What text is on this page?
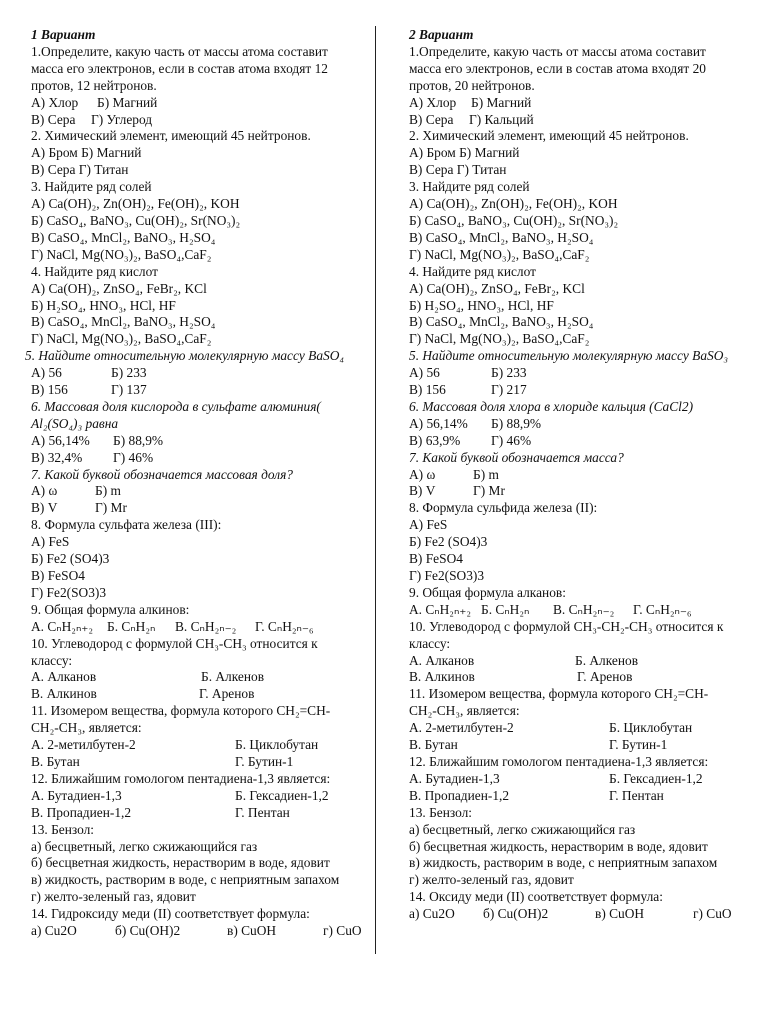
1 Вариант
1.Определите, какую часть от массы атома составит
масса его электронов, если в состав атома входят 12
протов, 12 нейтронов.
А) Хлор	Б) Магний
В) Сера	Г) Углерод
2. Химический элемент, имеющий 45 нейтронов.
А) Бром Б) Магний
В) Сера Г) Титан
3. Найдите ряд солей
А) Ca(OH)₂, Zn(OH)₂, Fe(OH)₂, KOH
Б) CaSO₄, BaNO₃, Cu(OH)₂, Sr(NO₃)₂
В) CaSO₄, MnCl₂, BaNO₃, H₂SO₄
Г) NaCl, Mg(NO₃)₂, BaSO₄,CaF₂
4. Найдите ряд кислот
А) Ca(OH)₂, ZnSO₄, FeBr₂, KCl
Б) H₂SO₄, HNO₃, HCl, HF
В) CaSO₄, MnCl₂, BaNO₃, H₂SO₄
Г) NaCl, Mg(NO₃)₂, BaSO₄,CaF₂
5. Найдите относительную молекулярную массу BaSO₄
А) 56	Б) 233
В) 156	Г) 137
6. Массовая доля кислорода в сульфате алюминия(
Al₂(SO₄)₃ равна
А) 56,14%	Б) 88,9%
В) 32,4%	Г) 46%
7. Какой буквой обозначается массовая доля?
А) ω	Б) m
В) V	Г) Mr
8. Формула сульфата железа (III):
А) FeS
Б) Fe2 (SO4)3
В) FeSO4
Г) Fe2(SO3)3
9. Общая формула алкинов:
А. CₙH₂ₙ₊₂	Б. CₙH₂ₙ	В. CₙH₂ₙ₋₂	Г. CₙH₂ₙ₋₆
10. Углеводород с формулой CH₃-CH₃ относится к
классу:
А. Алканов	Б. Алкенов
В. Алкинов	Г. Аренов
11. Изомером вещества, формула которого CH₂=CH-
CH₂-CH₃, является:
А. 2-метилбутен-2	Б. Циклобутан
В. Бутан	Г. Бутин-1
12. Ближайшим гомологом пентадиена-1,3 является:
А. Бутадиен-1,3	Б. Гексадиен-1,2
В. Пропадиен-1,2	Г. Пентан
13. Бензол:
а) бесцветный, легко сжижающийся газ
б) бесцветная жидкость, нерастворим в воде, ядовит
в) жидкость, растворим в воде, с неприятным запахом
г) желто-зеленый газ, ядовит
14. Гидроксиду меди (II) соответствует формула:
а) Cu2O	б) Cu(OH)2	в) CuOH	г) CuO
2 Вариант
1.Определите, какую часть от массы атома составит
масса его электронов, если в состав атома входят 20
протов, 20 нейтронов.
А) Хлор	Б) Магний
В) Сера	Г) Кальций
2. Химический элемент, имеющий 45 нейтронов.
А) Бром Б) Магний
В) Сера Г) Титан
3. Найдите ряд солей
А) Ca(OH)₂, Zn(OH)₂, Fe(OH)₂, KOH
Б) CaSO₄, BaNO₃, Cu(OH)₂, Sr(NO₃)₂
В) CaSO₄, MnCl₂, BaNO₃, H₂SO₄
Г) NaCl, Mg(NO₃)₂, BaSO₄,CaF₂
4. Найдите ряд кислот
А) Ca(OH)₂, ZnSO₄, FeBr₂, KCl
Б) H₂SO₄, HNO₃, HCl, HF
В) CaSO₄, MnCl₂, BaNO₃, H₂SO₄
Г) NaCl, Mg(NO₃)₂, BaSO₄,CaF₂
5. Найдите относительную молекулярную массу BaSO₃
А) 56	Б) 233
В) 156	Г) 217
6. Массовая доля хлора в хлориде кальция (CaCl2)
А) 56,14%	Б) 88,9%
В) 63,9%	Г) 46%
7. Какой буквой обозначается масса?
А) ω	Б) m
В) V	Г) Mr
8. Формула сульфида железа (II):
А) FeS
Б) Fe2 (SO4)3
В) FeSO4
Г) Fe2(SO3)3
9. Общая формула алканов:
А. CₙH₂ₙ₊₂ Б. CₙH₂ₙ	В. CₙH₂ₙ₋₂	Г. CₙH₂ₙ₋₆
10. Углеводород с формулой CH₃-CH₂-CH₃ относится к
классу:
А. Алканов	Б. Алкенов
В. Алкинов	Г. Аренов
11. Изомером вещества, формула которого CH₂=CH-
CH₂-CH₃, является:
А. 2-метилбутен-2	Б. Циклобутан
В. Бутан	Г. Бутин-1
12. Ближайшим гомологом пентадиена-1,3 является:
А. Бутадиен-1,3	Б. Гексадиен-1,2
В. Пропадиен-1,2	Г. Пентан
13. Бензол:
а) бесцветный, легко сжижающийся газ
б) бесцветная жидкость, нерастворим в воде, ядовит
в) жидкость, растворим в воде, с неприятным запахом
г) желто-зеленый газ, ядовит
14. Оксиду меди (II) соответствует формула:
а) Cu2O	б) Cu(OH)2	в) CuOH	г) CuO
